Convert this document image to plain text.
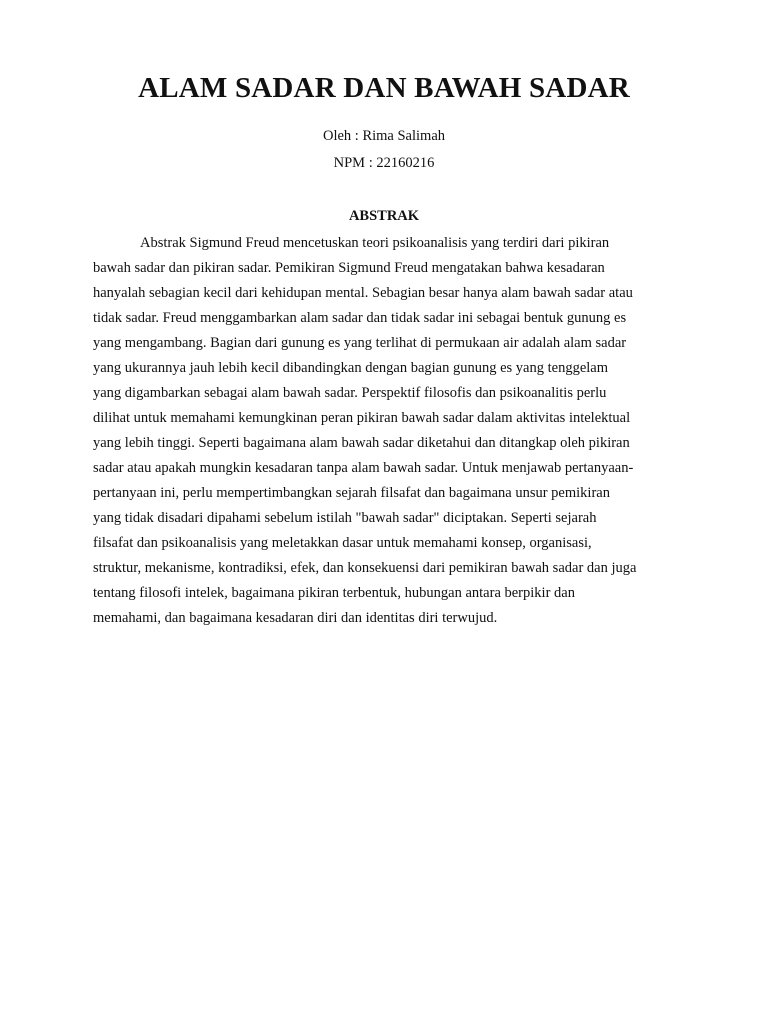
ALAM SADAR DAN BAWAH SADAR

Oleh : Rima Salimah

NPM : 22160216

ABSTRAK

Abstrak Sigmund Freud mencetuskan teori psikoanalisis yang terdiri dari pikiran
bawah sadar dan pikiran sadar. Pemikiran Sigmund Freud mengatakan bahwa kesadaran
hanyalah sebagian kecil dari kehidupan mental. Sebagian besar hanya alam bawah sadar atau
tidak sadar. Freud menggambarkan alam sadar dan tidak sadar ini sebagai bentuk gunung es
yang mengambang. Bagian dari gunung es yang terlihat di permukaan air adalah alam sadar
yang ukurannya jauh lebih kecil dibandingkan dengan bagian gunung es yang tenggelam
yang digambarkan sebagai alam bawah sadar. Perspektif filosofis dan psikoanalitis perlu
dilihat untuk memahami kemungkinan peran pikiran bawah sadar dalam aktivitas intelektual
yang lebih tinggi. Seperti bagaimana alam bawah sadar diketahui dan ditangkap oleh pikiran
sadar atau apakah mungkin kesadaran tanpa alam bawah sadar. Untuk menjawab pertanyaan-
pertanyaan ini, perlu mempertimbangkan sejarah filsafat dan bagaimana unsur pemikiran
yang tidak disadari dipahami sebelum istilah "bawah sadar" diciptakan. Seperti sejarah
filsafat dan psikoanalisis yang meletakkan dasar untuk memahami konsep, organisasi,
struktur, mekanisme, kontradiksi, efek, dan konsekuensi dari pemikiran bawah sadar dan juga
tentang filosofi intelek, bagaimana pikiran terbentuk, hubungan antara berpikir dan
memahami, dan bagaimana kesadaran diri dan identitas diri terwujud.
